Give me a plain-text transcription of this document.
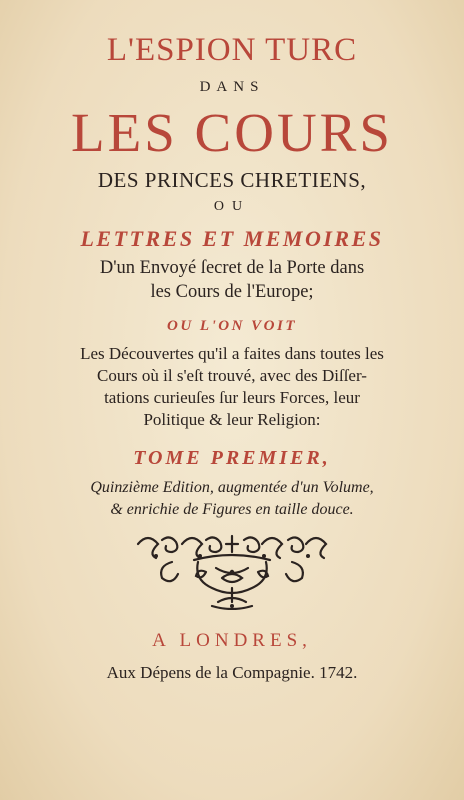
L'ESPION TURC
DANS
LES COURS
DES PRINCES CHRETIENS,
OU
LETTRES ET MEMOIRES
D'un Envoyé ſecret de la Porte dans
les Cours de l'Europe;
OU L'ON VOIT
Les Découvertes qu'il a faites dans toutes les
Cours où il s'eſt trouvé, avec des Diſſer-
tations curieuſes ſur leurs Forces, leur
Politique & leur Religion:
TOME PREMIER,
Quinzième Edition, augmentée d'un Volume,
& enrichie de Figures en taille douce.
A LONDRES,
Aux Dépens de la Compagnie. 1742.
